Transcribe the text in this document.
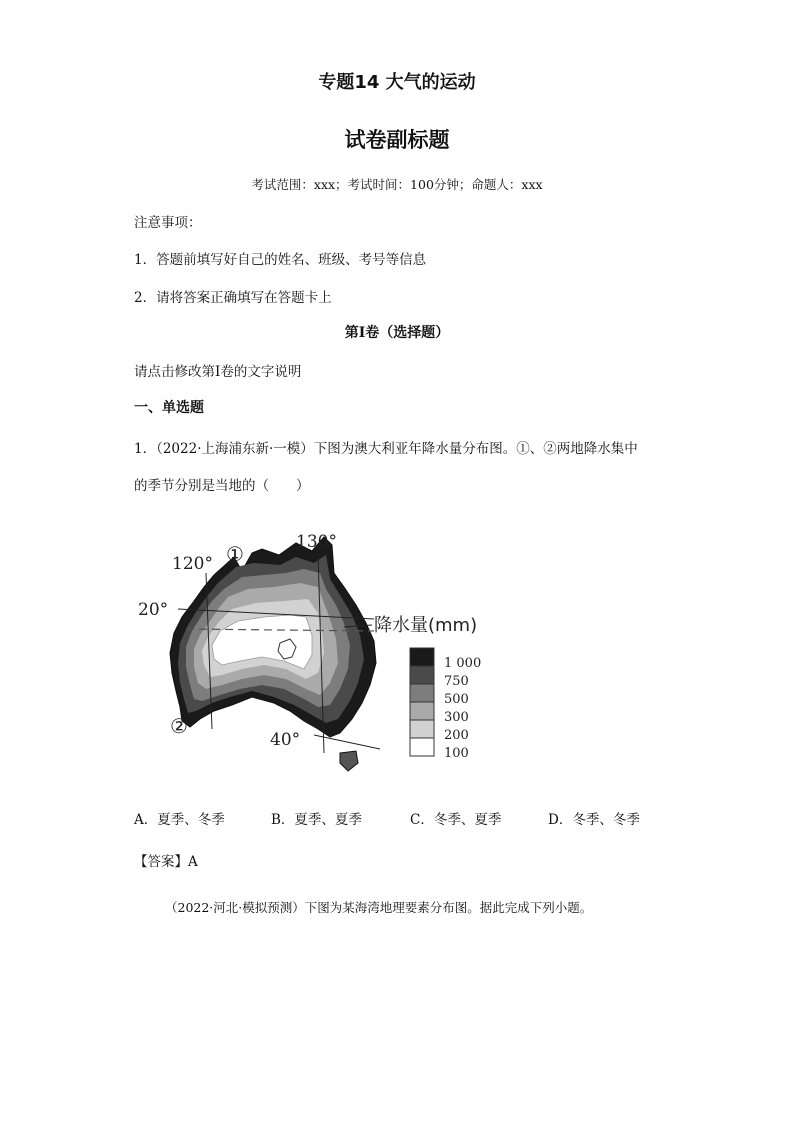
专题14 大气的运动
试卷副标题
考试范围：xxx；考试时间：100分钟；命题人：xxx
注意事项：
1．答题前填写好自己的姓名、班级、考号等信息
2．请将答案正确填写在答题卡上
第I卷（选择题）
请点击修改第I卷的文字说明
一、单选题
1．（2022·上海浦东新·一模）下图为澳大利亚年降水量分布图。①、②两地降水集中
的季节分别是当地的（　　）
120°
130°
20°
40°
①
②
降水量(mm)
1 000
750
500
300
200
100
A．夏季、冬季	B．夏季、夏季	C．冬季、夏季	D．冬季、冬季
【答案】A
（2022·河北·模拟预测）下图为某海湾地理要素分布图。据此完成下列小题。
